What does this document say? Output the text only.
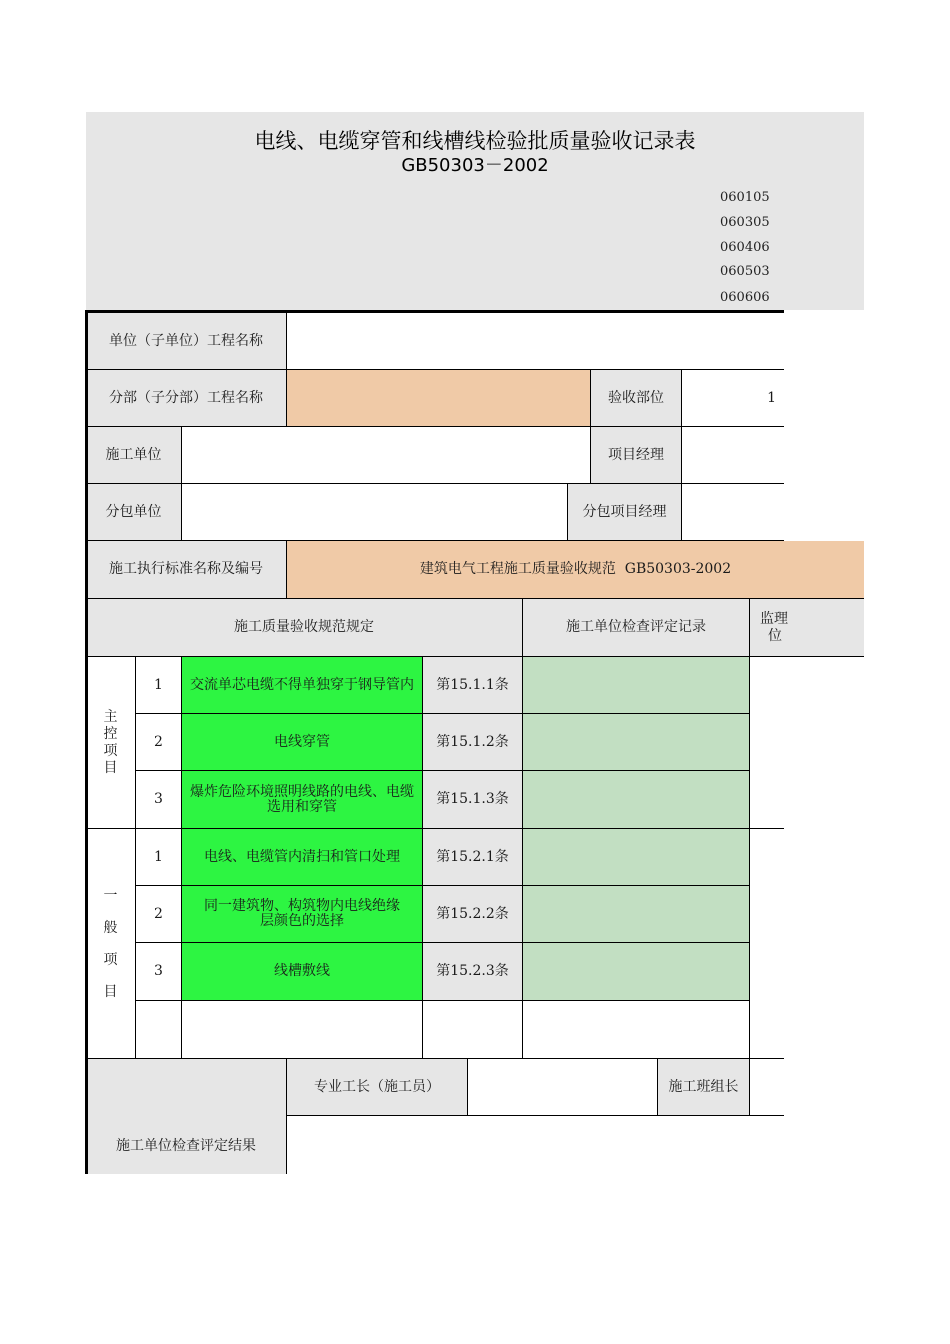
电线、电缆穿管和线槽线检验批质量验收记录表
GB50303－2002
060105
060305
060406
060503
060606
单位（子单位）工程名称
分部（子分部）工程名称	验收部位	1
施工单位	项目经理
分包单位	分包项目经理
施工执行标准名称及编号	建筑电气工程施工质量验收规范  GB50303-2002
施工质量验收规范规定	施工单位检查评定记录	监理
位
主
控
项
目
1	交流单芯电缆不得单独穿于钢导管内	第15.1.1条
2	电线穿管	第15.1.2条
3	爆炸危险环境照明线路的电线、电缆选用和穿管	第15.1.3条
一
般
项
目
1	电线、电缆管内清扫和管口处理	第15.2.1条
2	同一建筑物、构筑物内电线绝缘层颜色的选择	第15.2.2条
3	线槽敷线	第15.2.3条
施工单位检查评定结果
专业工长（施工员）	施工班组长
